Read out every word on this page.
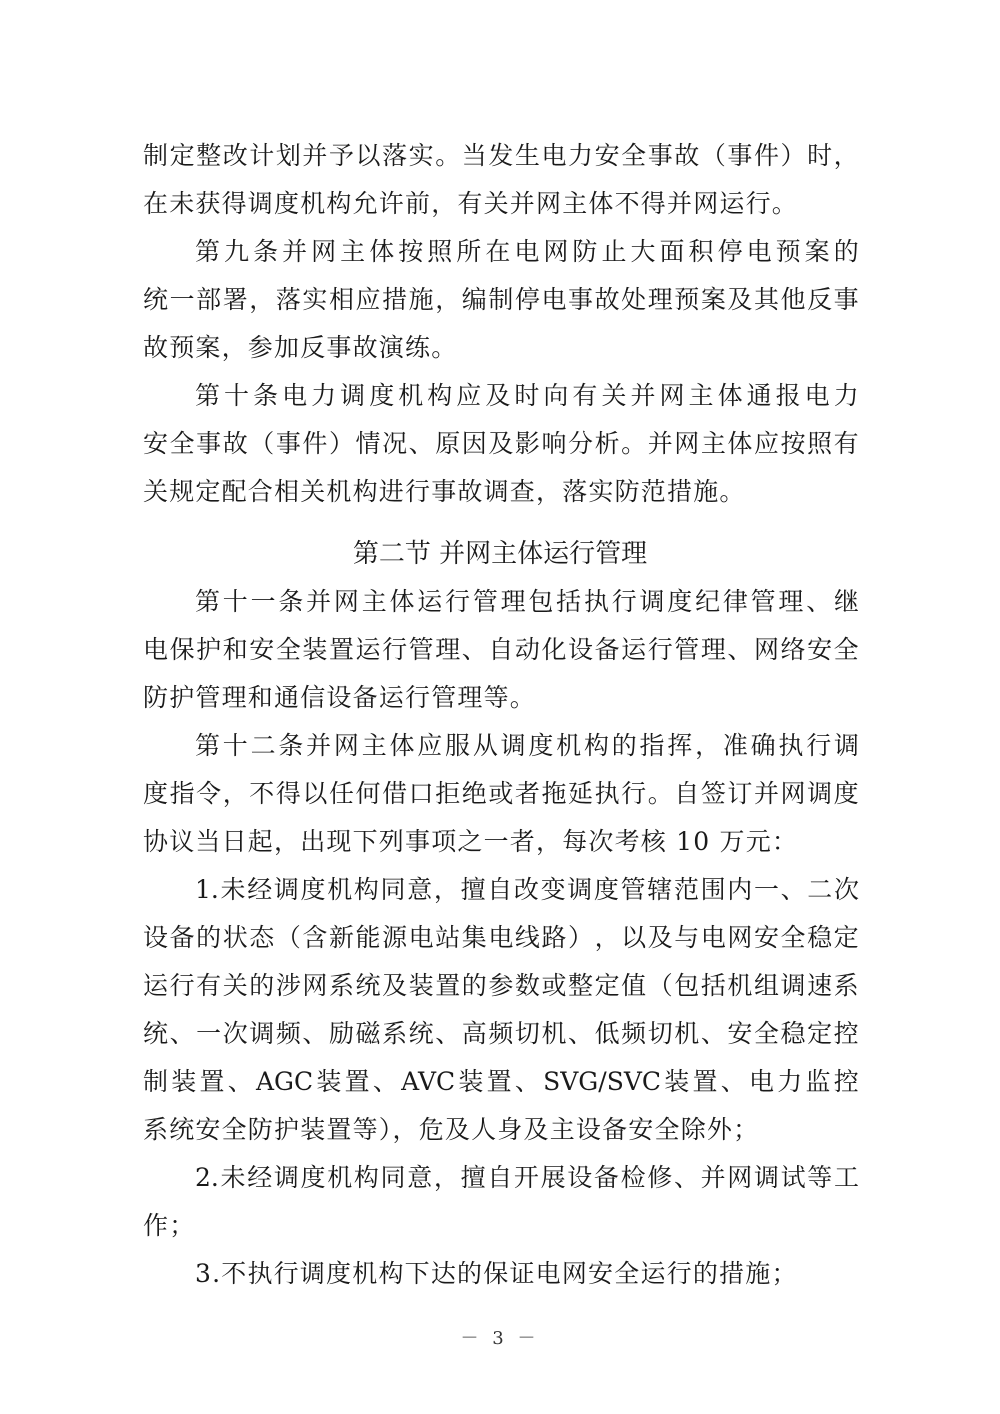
制 定 整 改 计 划 并 予 以 落 实 。 当 发 生 电 力 安 全 事 故 （ 事 件 ） 时 ，
在未获得调度机构允许前，有关并网主体不得并网运行。
第 九 条 并 网 主 体 按 照 所 在 电 网 防 止 大 面 积 停 电 预 案 的
统 一 部 署 ， 落 实 相 应 措 施 ， 编 制 停 电 事 故 处 理 预 案 及 其 他 反 事
故预案，参加反事故演练。
第 十 条 电 力 调 度 机 构 应 及 时 向 有 关 并 网 主 体 通 报 电 力
安 全 事 故 （ 事 件 ） 情 况 、 原 因 及 影 响 分 析 。 并 网 主 体 应 按 照 有
关规定配合相关机构进行事故调查，落实防范措施。
第 十 一 条 并 网 主 体 运 行 管 理 包 括 执 行 调 度 纪 律 管 理 、 继
电 保 护 和 安 全 装 置 运 行 管 理 、 自 动 化 设 备 运 行 管 理 、 网 络 安 全
防护管理和通信设备运行管理等。
第 十 二 条 并 网 主 体 应 服 从 调 度 机 构 的 指 挥 ， 准 确 执 行 调
度 指 令 ， 不 得 以 任 何 借 口 拒 绝 或 者 拖 延 执 行 。 自 签 订 并 网 调 度
协议当日起，出现下列事项之一者，每次考核 10 万元：
1. 未 经 调 度 机 构 同 意 ， 擅 自 改 变 调 度 管 辖 范 围 内 一 、 二 次
设 备 的 状 态 （ 含 新 能 源 电 站 集 电 线 路 ） ， 以 及 与 电 网 安 全 稳 定
运 行 有 关 的 涉 网 系 统 及 装 置 的 参 数 或 整 定 值 （ 包 括 机 组 调 速 系
统 、 一 次 调 频 、 励 磁 系 统 、 高 频 切 机 、 低 频 切 机 、 安 全 稳 定 控
制 装 置 、 AGC 装 置 、 AVC 装 置 、 SVG/SVC 装 置 、 电 力 监 控
系统安全防护装置等），危及人身及主设备安全除外；
2. 未 经 调 度 机 构 同 意 ， 擅 自 开 展 设 备 检 修 、 并 网 调 试 等 工
作；
3.不执行调度机构下达的保证电网安全运行的措施；
第二节 并网主体运行管理
－ 3 －
